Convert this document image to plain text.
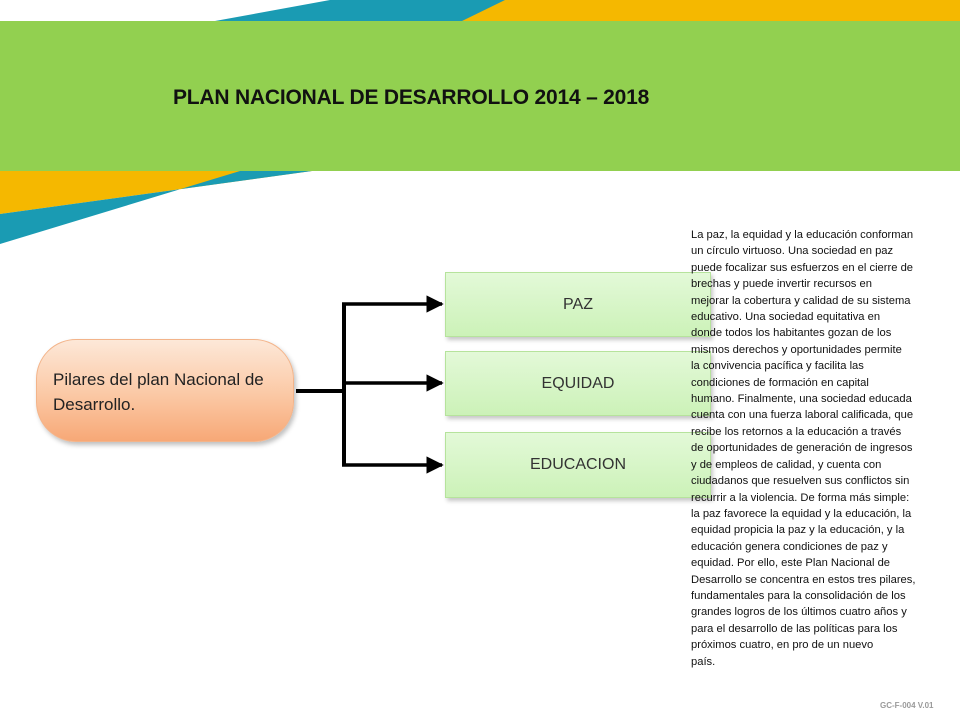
PLAN NACIONAL DE DESARROLLO 2014 – 2018
Pilares del plan Nacional de Desarrollo.
PAZ
EQUIDAD
EDUCACION
La paz, la equidad y la educación conforman
un círculo virtuoso. Una sociedad en paz
puede focalizar sus esfuerzos en el cierre de
brechas y puede invertir recursos en
mejorar la cobertura y calidad de su sistema
educativo. Una sociedad equitativa en
donde todos los habitantes gozan de los
mismos derechos y oportunidades permite
la convivencia pacífica y facilita las
condiciones de formación en capital
humano. Finalmente, una sociedad educada
cuenta con una fuerza laboral calificada, que
recibe los retornos a la educación a través
de oportunidades de generación de ingresos
y de empleos de calidad, y cuenta con
ciudadanos que resuelven sus conflictos sin
recurrir a la violencia. De forma más simple:
la paz favorece la equidad y la educación, la
equidad propicia la paz y la educación, y la
educación genera condiciones de paz y
equidad. Por ello, este Plan Nacional de
Desarrollo se concentra en estos tres pilares,
fundamentales para la consolidación de los
grandes logros de los últimos cuatro años y
para el desarrollo de las políticas para los
próximos cuatro, en pro de un nuevo
país.
GC-F-004 V.01
